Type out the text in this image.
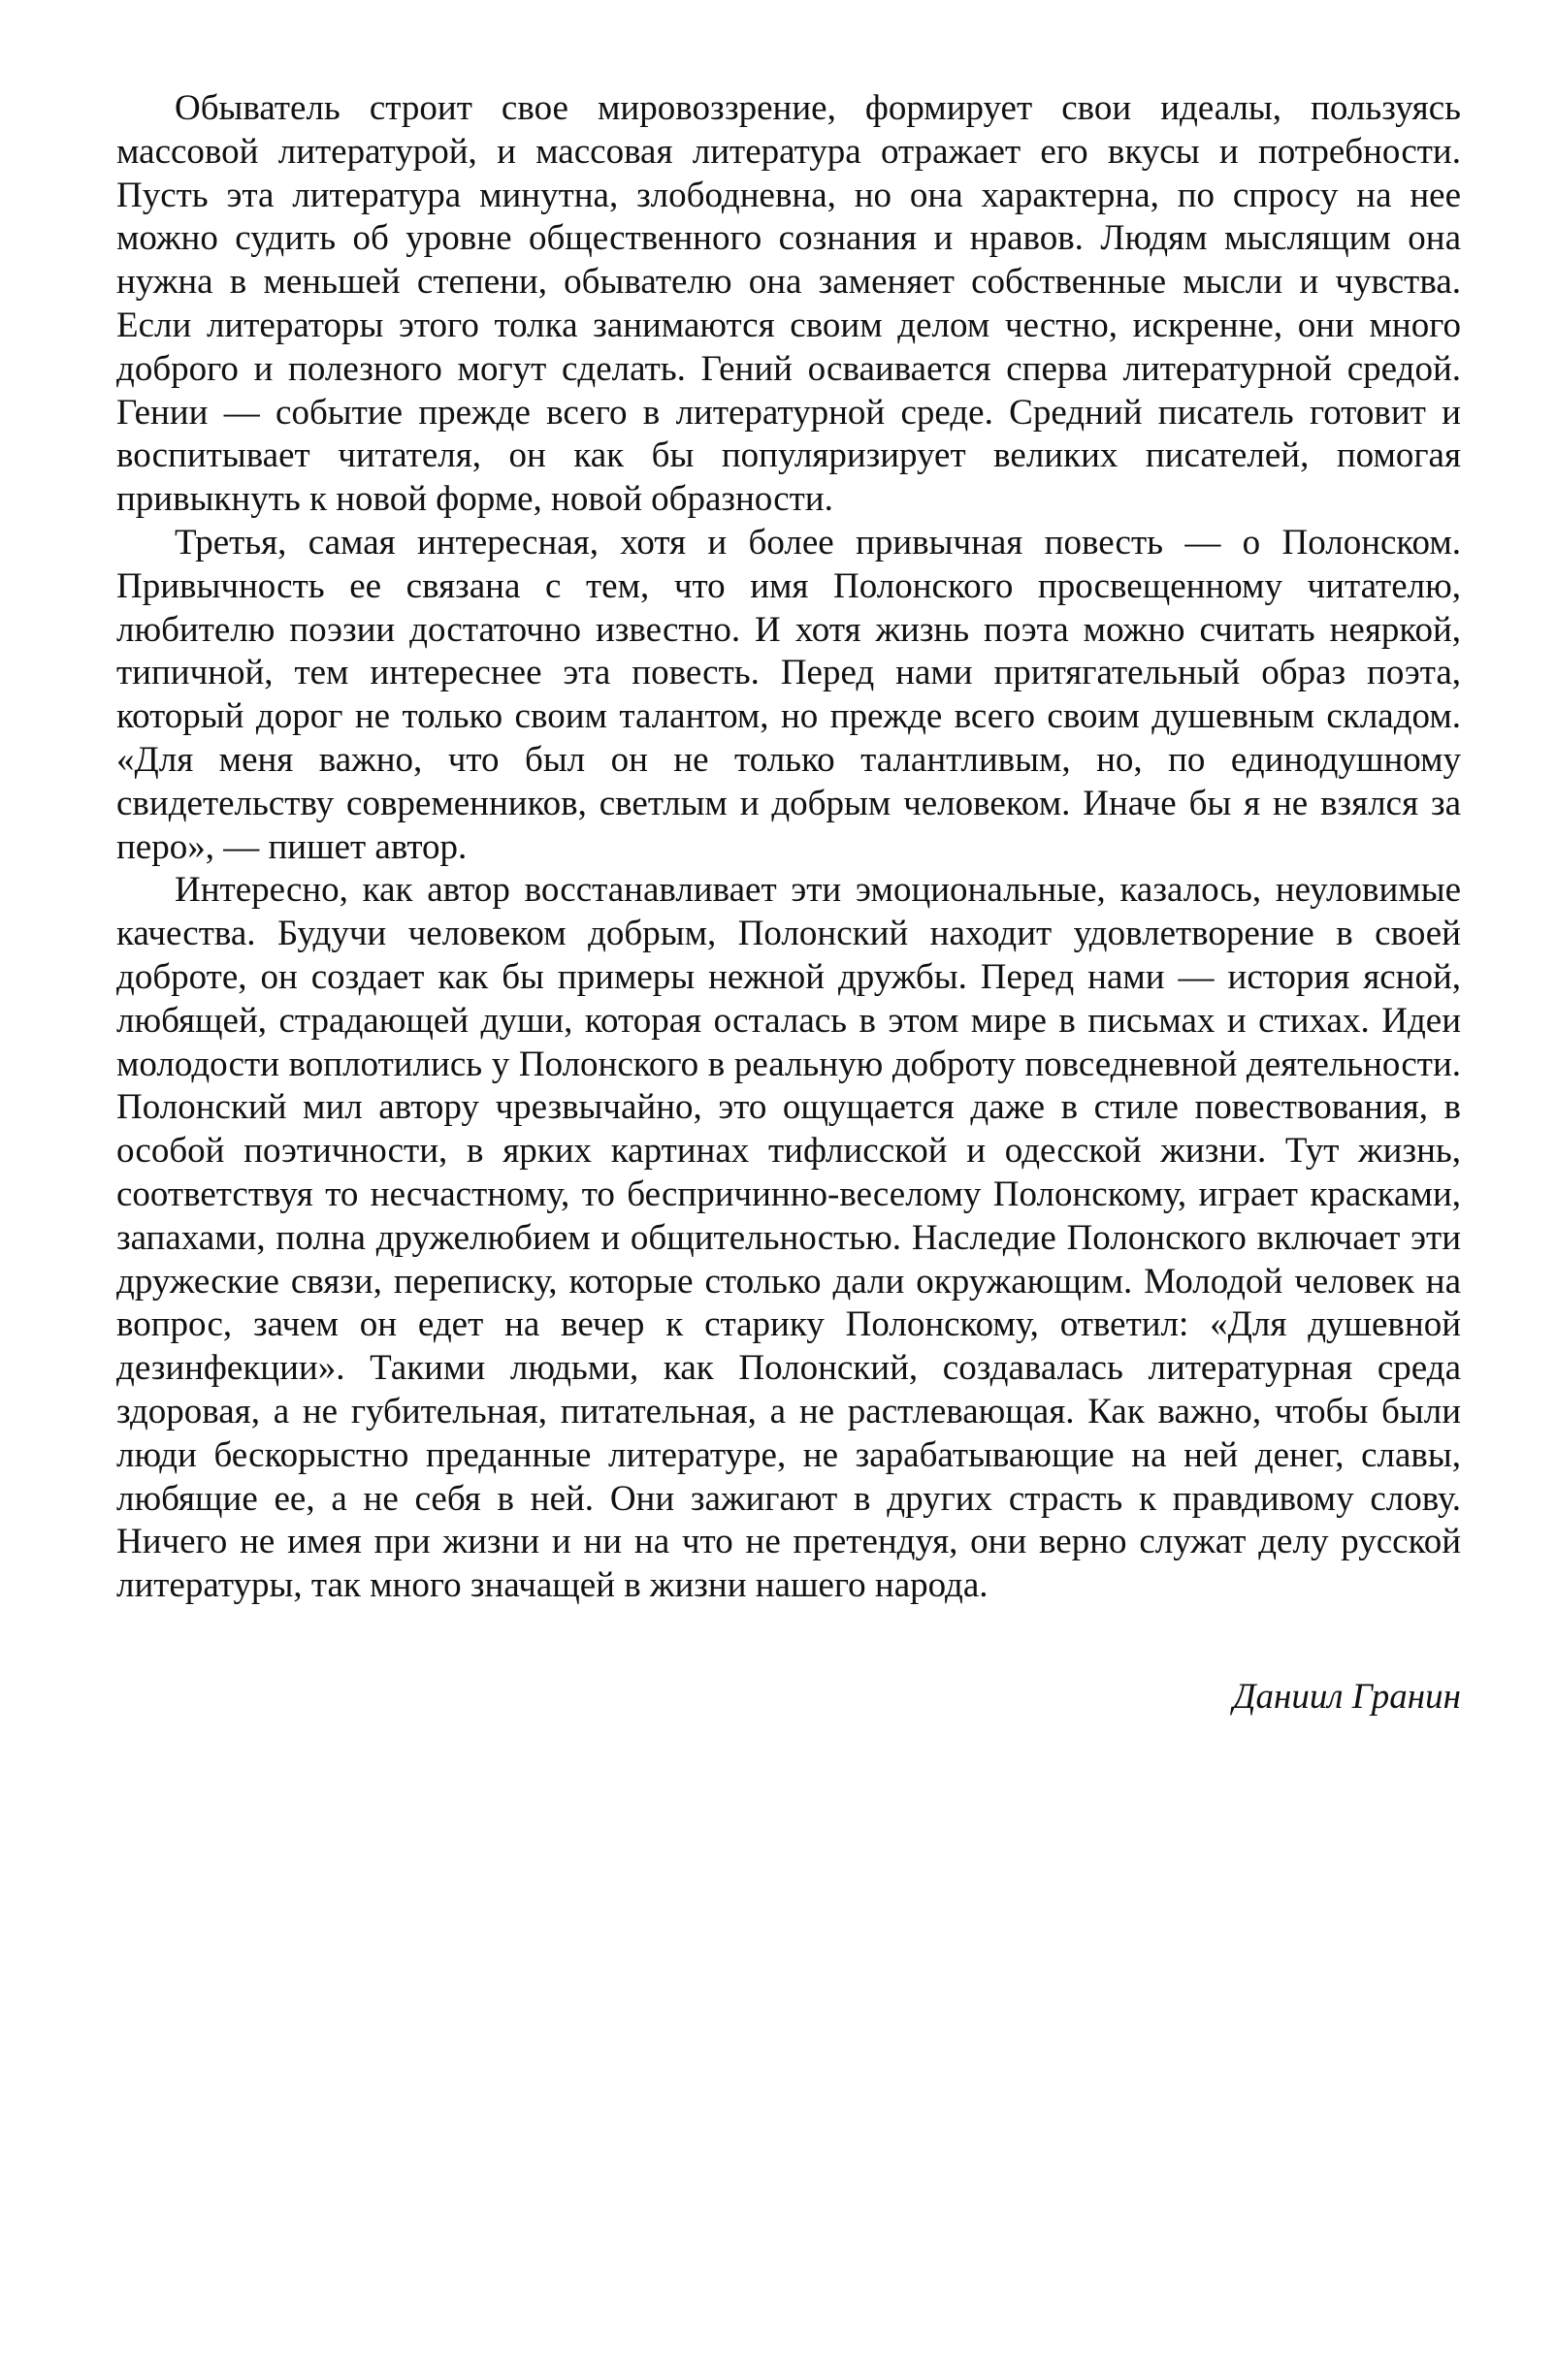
Обыватель строит свое мировоззрение, формирует свои идеалы, пользуясь массовой литературой, и массовая литература отражает его вкусы и потребности. Пусть эта литература минутна, злободневна, но она характерна, по спросу на нее можно судить об уровне общественного сознания и нравов. Людям мыслящим она нужна в меньшей степени, обывателю она заменяет собственные мысли и чувства. Если литераторы этого толка занимаются своим делом честно, искренне, они много доброго и полезного могут сделать. Гений осваивается сперва литературной средой. Гении — событие прежде всего в литературной среде. Средний писатель готовит и воспитывает читателя, он как бы популяризирует великих писателей, помогая привыкнуть к новой форме, новой образности.

Третья, самая интересная, хотя и более привычная повесть — о Полонском. Привычность ее связана с тем, что имя Полонского просвещенному читателю, любителю поэзии достаточно известно. И хотя жизнь поэта можно считать неяркой, типичной, тем интереснее эта повесть. Перед нами притягательный образ поэта, который дорог не только своим талантом, но прежде всего своим душевным складом. «Для меня важно, что был он не только талантливым, но, по единодушному свидетельству современников, светлым и добрым человеком. Иначе бы я не взялся за перо», — пишет автор.

Интересно, как автор восстанавливает эти эмоциональные, казалось, неуловимые качества. Будучи человеком добрым, Полонский находит удовлетворение в своей доброте, он создает как бы примеры нежной дружбы. Перед нами — история ясной, любящей, страдающей души, которая осталась в этом мире в письмах и стихах. Идеи молодости воплотились у Полонского в реальную доброту повседневной деятельности. Полонский мил автору чрезвычайно, это ощущается даже в стиле повествования, в особой поэтичности, в ярких картинах тифлисской и одесской жизни. Тут жизнь, соответствуя то несчастному, то беспричинно-веселому Полонскому, играет красками, запахами, полна дружелюбием и общительностью. Наследие Полонского включает эти дружеские связи, переписку, которые столько дали окружающим. Молодой человек на вопрос, зачем он едет на вечер к старику Полонскому, ответил: «Для душевной дезинфекции». Такими людьми, как Полонский, создавалась литературная среда здоровая, а не губительная, питательная, а не растлевающая. Как важно, чтобы были люди бескорыстно преданные литературе, не зарабатывающие на ней денег, славы, любящие ее, а не себя в ней. Они зажигают в других страсть к правдивому слову. Ничего не имея при жизни и ни на что не претендуя, они верно служат делу русской литературы, так много значащей в жизни нашего народа.

Даниил Гранин
